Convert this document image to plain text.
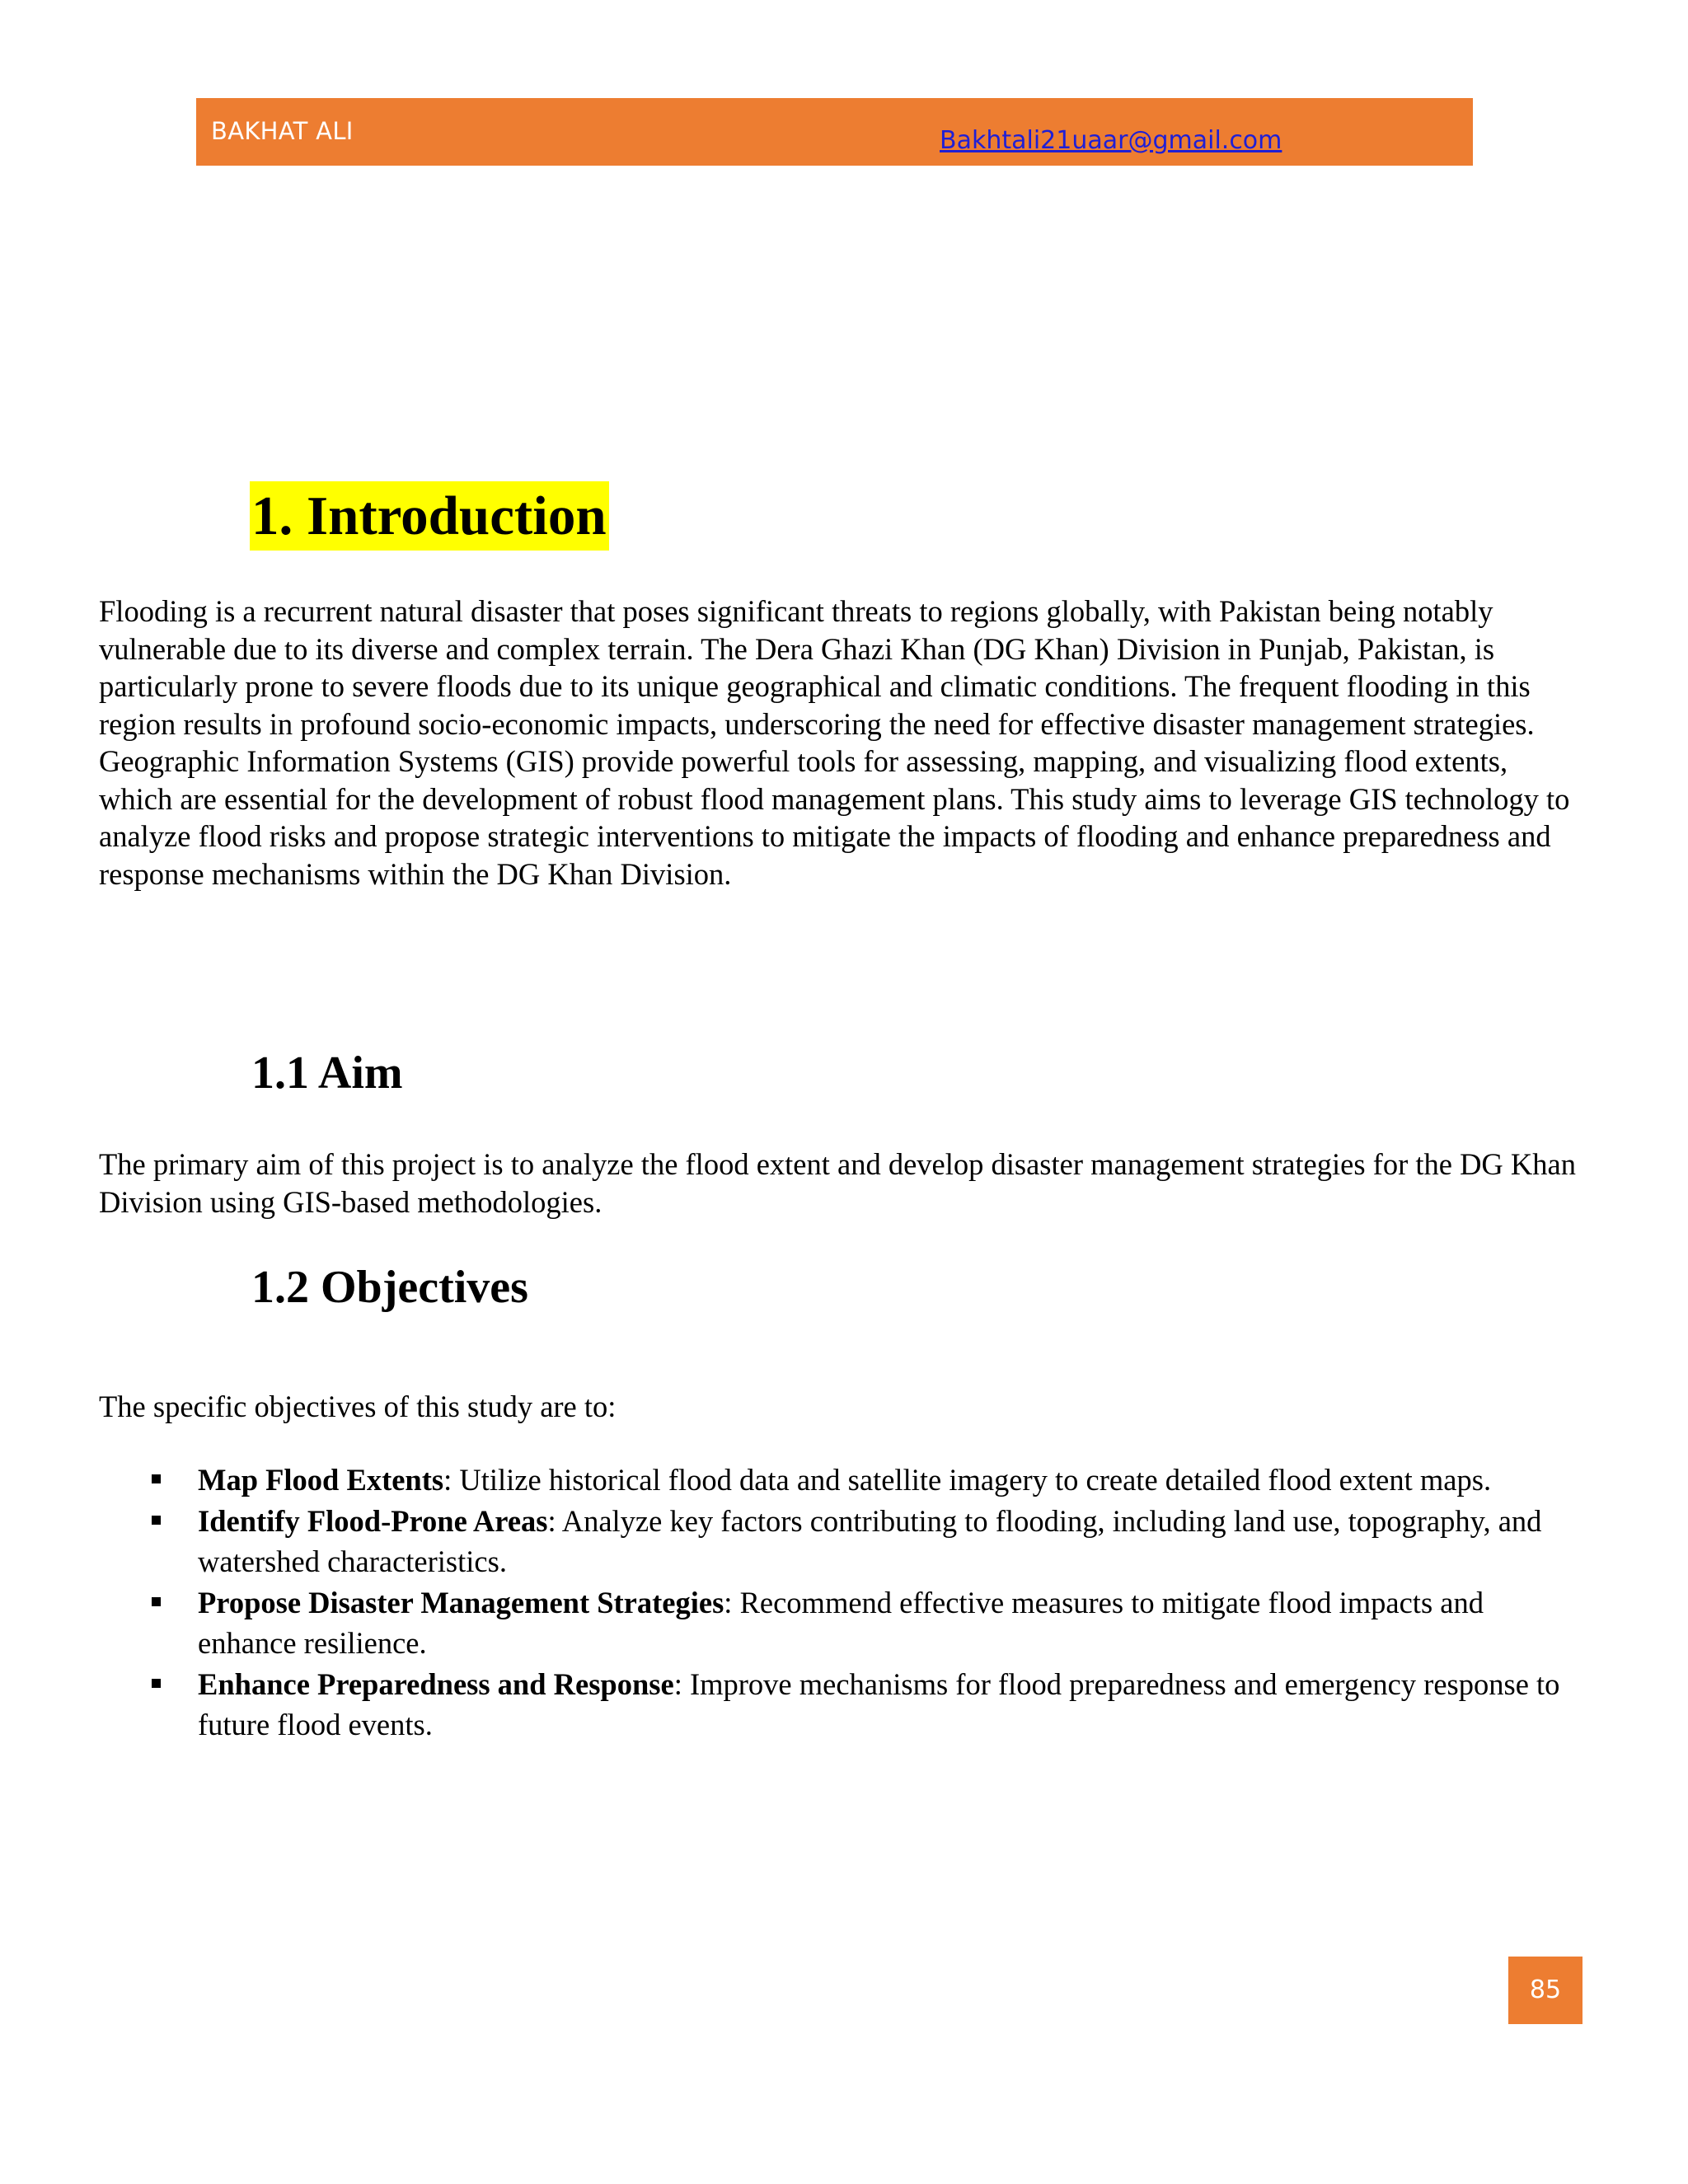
BAKHAT ALI	Bakhtali21uaar@gmail.com
1. Introduction

Flooding is a recurrent natural disaster that poses significant threats to regions globally, with Pakistan being notably vulnerable due to its diverse and complex terrain. The Dera Ghazi Khan (DG Khan) Division in Punjab, Pakistan, is particularly prone to severe floods due to its unique geographical and climatic conditions. The frequent flooding in this region results in profound socio-economic impacts, underscoring the need for effective disaster management strategies. Geographic Information Systems (GIS) provide powerful tools for assessing, mapping, and visualizing flood extents, which are essential for the development of robust flood management plans. This study aims to leverage GIS technology to analyze flood risks and propose strategic interventions to mitigate the impacts of flooding and enhance preparedness and response mechanisms within the DG Khan Division.

1.1 Aim

The primary aim of this project is to analyze the flood extent and develop disaster management strategies for the DG Khan Division using GIS-based methodologies.

1.2 Objectives

The specific objectives of this study are to:

Map Flood Extents: Utilize historical flood data and satellite imagery to create detailed flood extent maps.
Identify Flood-Prone Areas: Analyze key factors contributing to flooding, including land use, topography, and watershed characteristics.
Propose Disaster Management Strategies: Recommend effective measures to mitigate flood impacts and enhance resilience.
Enhance Preparedness and Response: Improve mechanisms for flood preparedness and emergency response to future flood events.
85
